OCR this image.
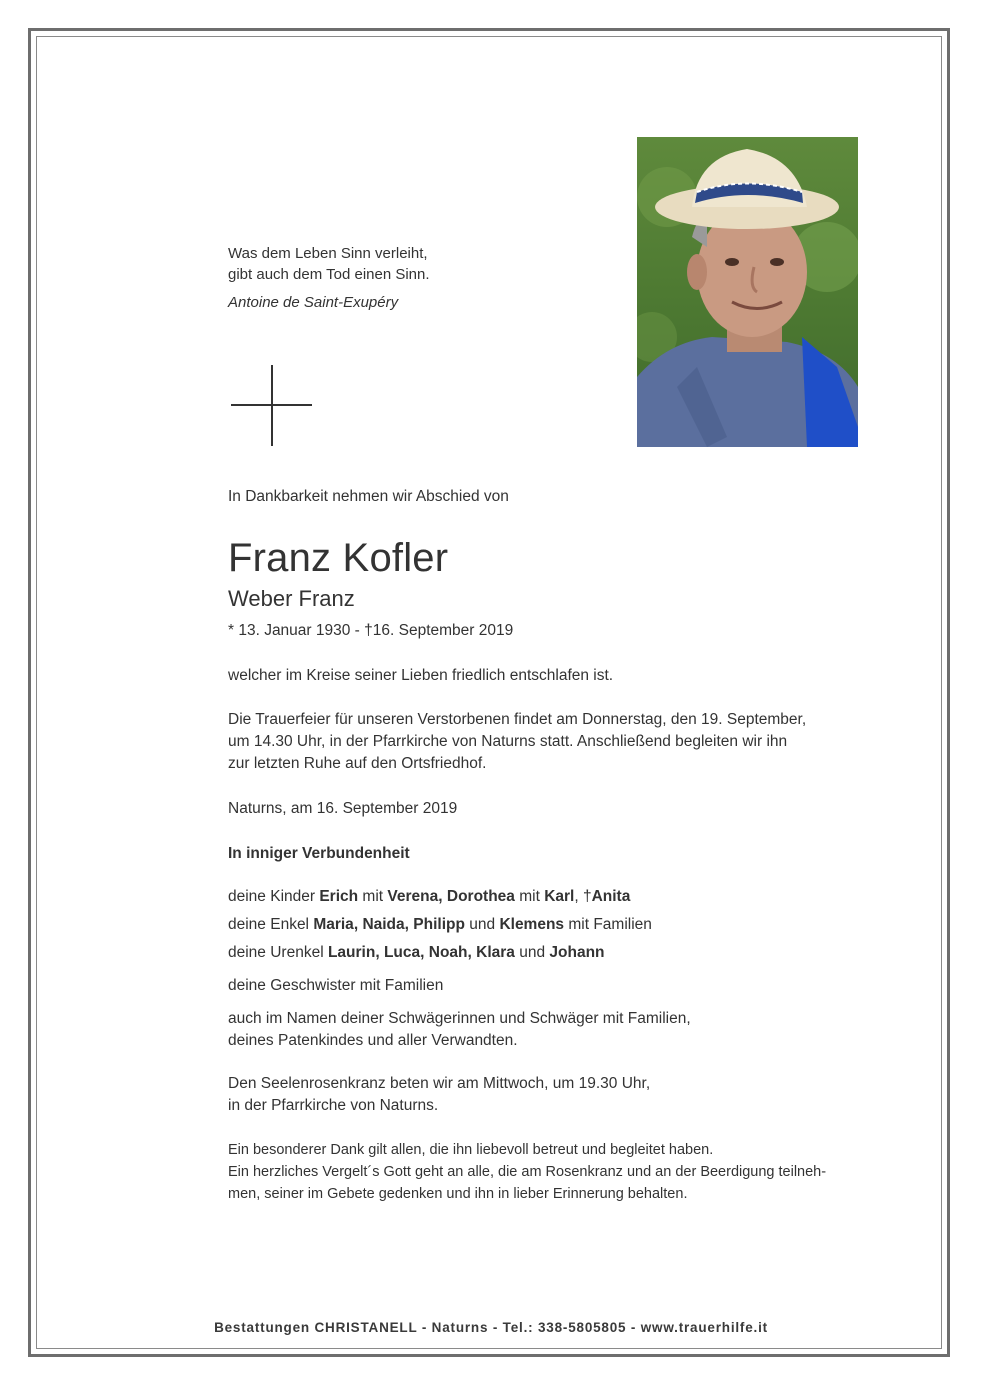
Was dem Leben Sinn verleiht,
gibt auch dem Tod einen Sinn.
Antoine de Saint-Exupéry
In Dankbarkeit nehmen wir Abschied von
Franz Kofler
Weber Franz
* 13. Januar 1930 - †16. September 2019
welcher im Kreise seiner Lieben friedlich entschlafen ist.
Die Trauerfeier für unseren Verstorbenen findet am Donnerstag, den 19. September,
um 14.30 Uhr, in der Pfarrkirche von Naturns statt. Anschließend begleiten wir ihn
zur letzten Ruhe auf den Ortsfriedhof.
Naturns, am 16. September 2019
In inniger Verbundenheit
deine Kinder Erich mit Verena, Dorothea mit Karl, †Anita
deine Enkel Maria, Naida, Philipp und Klemens mit Familien
deine Urenkel Laurin, Luca, Noah, Klara und Johann
deine Geschwister mit Familien
auch im Namen deiner Schwägerinnen und Schwäger mit Familien,
deines Patenkindes und aller Verwandten.
Den Seelenrosenkranz beten wir am Mittwoch, um 19.30 Uhr,
in der Pfarrkirche von Naturns.
Ein besonderer Dank gilt allen, die ihn liebevoll betreut und begleitet haben.
Ein herzliches Vergelt´s Gott geht an alle, die am Rosenkranz und an der Beerdigung teilneh-
men, seiner im Gebete gedenken und ihn in lieber Erinnerung behalten.
Bestattungen CHRISTANELL - Naturns - Tel.: 338-5805805 - www.trauerhilfe.it
